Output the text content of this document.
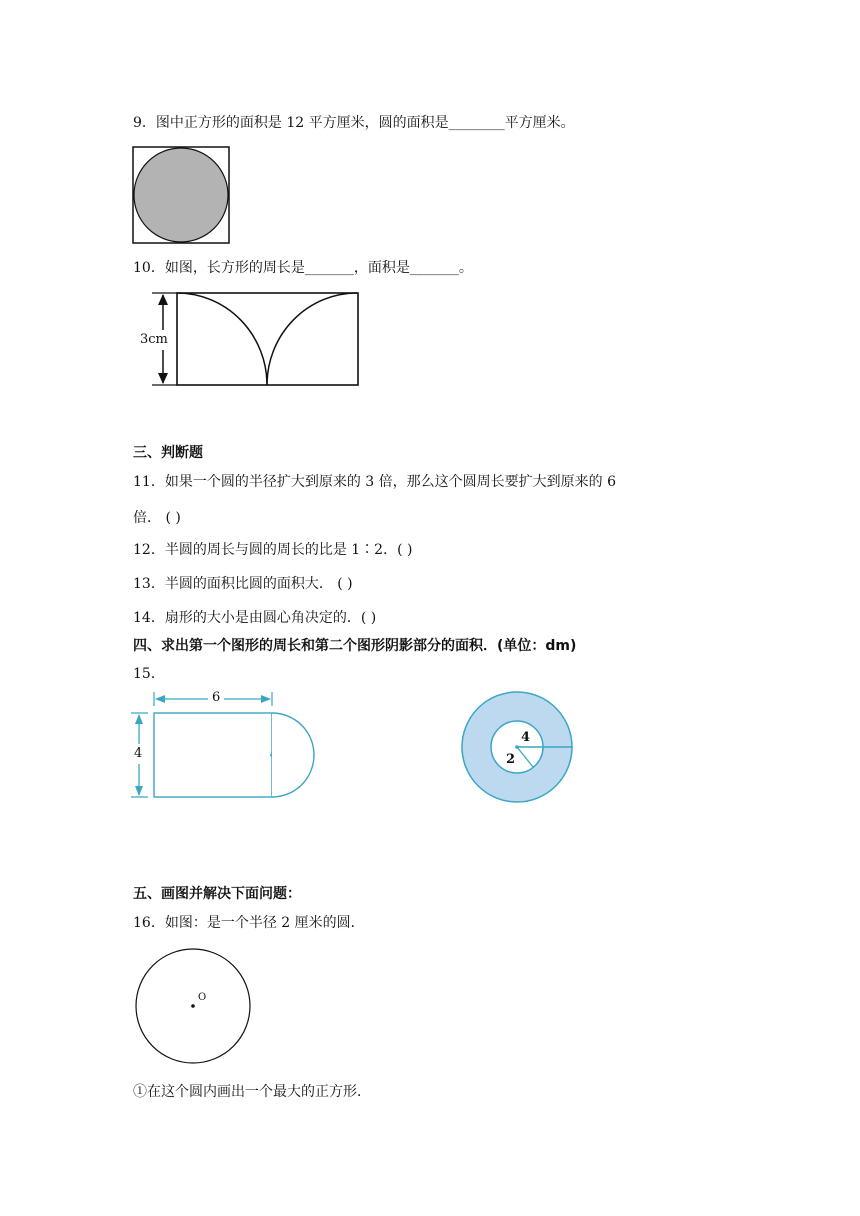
9．图中正方形的面积是 12 平方厘米，圆的面积是________平方厘米。
10．如图，长方形的周长是_______，面积是_______。
3cm
三、判断题
11．如果一个圆的半径扩大到原来的 3 倍，那么这个圆周长要扩大到原来的 6
倍． ( )
12．半圆的周长与圆的周长的比是 1∶2．( )
13．半圆的面积比圆的面积大． ( )
14．扇形的大小是由圆心角决定的．( )
四、求出第一个图形的周长和第二个图形阴影部分的面积．(单位：dm)
15．
6
4
4
2
五、画图并解决下面问题：
16．如图：是一个半径 2 厘米的圆．
O
①在这个圆内画出一个最大的正方形．
